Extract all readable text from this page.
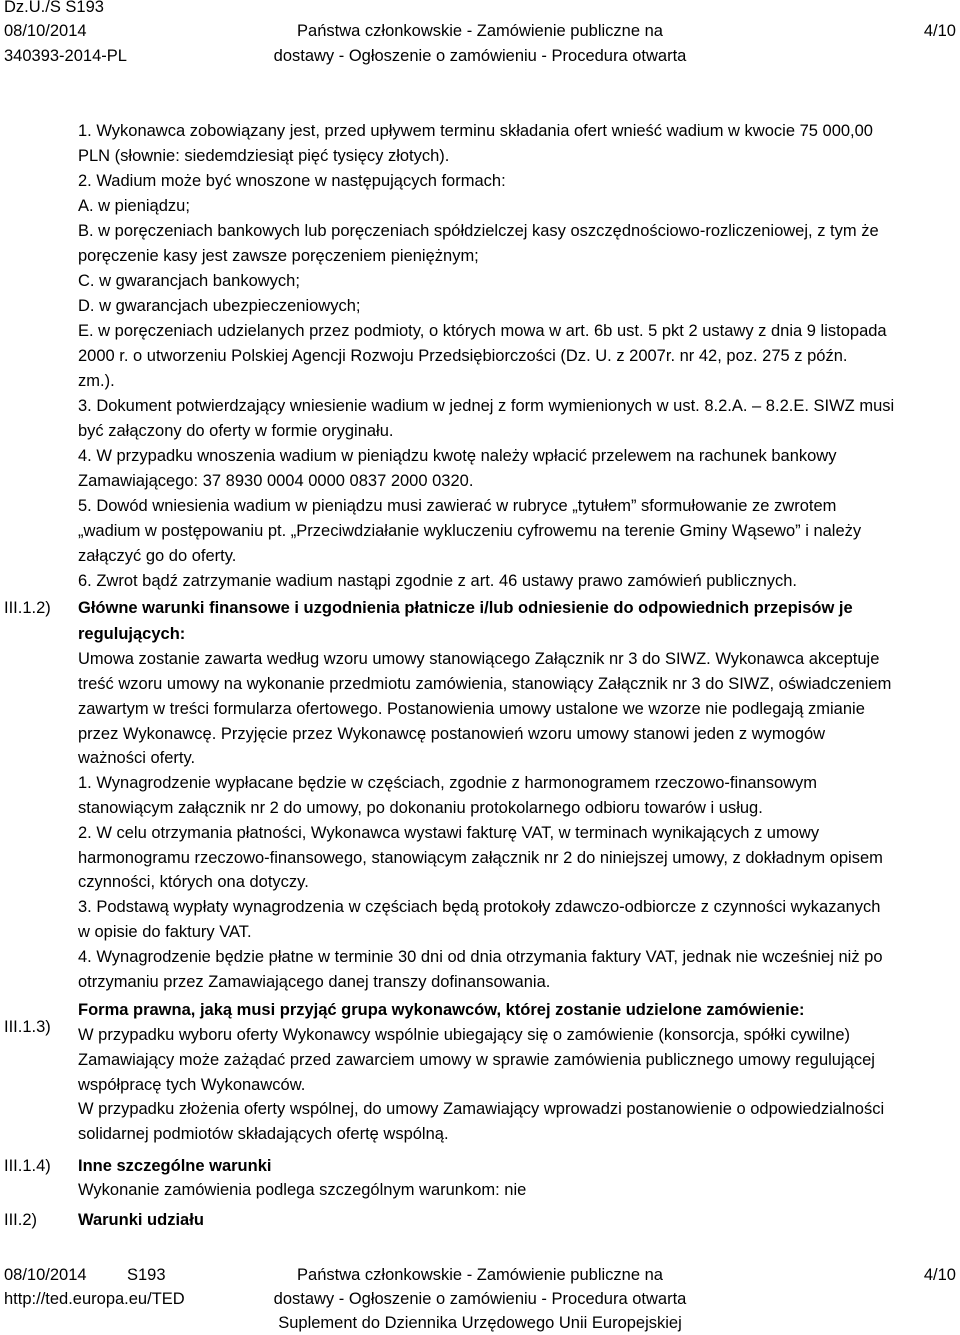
Dz.U./S S193
08/10/2014
340393-2014-PL
Państwa członkowskie - Zamówienie publiczne na
dostawy - Ogłoszenie o zamówieniu - Procedura otwarta
4/10
III.1.2)
III.1.3)
III.1.4)
III.2)
1. Wykonawca zobowiązany jest, przed upływem terminu składania ofert wnieść wadium w kwocie 75 000,00
PLN (słownie: siedemdziesiąt pięć tysięcy złotych).
2. Wadium może być wnoszone w następujących formach:
A. w pieniądzu;
B. w poręczeniach bankowych lub poręczeniach spółdzielczej kasy oszczędnościowo-rozliczeniowej, z tym że
poręczenie kasy jest zawsze poręczeniem pieniężnym;
C. w gwarancjach bankowych;
D. w gwarancjach ubezpieczeniowych;
E. w poręczeniach udzielanych przez podmioty, o których mowa w art. 6b ust. 5 pkt 2 ustawy z dnia 9 listopada
2000 r. o utworzeniu Polskiej Agencji Rozwoju Przedsiębiorczości (Dz. U. z 2007r. nr 42, poz. 275 z późn.
zm.).
3. Dokument potwierdzający wniesienie wadium w jednej z form wymienionych w ust. 8.2.A. – 8.2.E. SIWZ musi
być załączony do oferty w formie oryginału.
4. W przypadku wnoszenia wadium w pieniądzu kwotę należy wpłacić przelewem na rachunek bankowy
Zamawiającego: 37 8930 0004 0000 0837 2000 0320.
5. Dowód wniesienia wadium w pieniądzu musi zawierać w rubryce „tytułem” sformułowanie ze zwrotem
„wadium w postępowaniu pt. „Przeciwdziałanie wykluczeniu cyfrowemu na terenie Gminy Wąsewo” i należy
załączyć go do oferty.
6. Zwrot bądź zatrzymanie wadium nastąpi zgodnie z art. 46 ustawy prawo zamówień publicznych.
Główne warunki finansowe i uzgodnienia płatnicze i/lub odniesienie do odpowiednich przepisów je
regulujących:
Umowa zostanie zawarta według wzoru umowy stanowiącego Załącznik nr 3 do SIWZ. Wykonawca akceptuje
treść wzoru umowy na wykonanie przedmiotu zamówienia, stanowiący Załącznik nr 3 do SIWZ, oświadczeniem
zawartym w treści formularza ofertowego. Postanowienia umowy ustalone we wzorze nie podlegają zmianie
przez Wykonawcę. Przyjęcie przez Wykonawcę postanowień wzoru umowy stanowi jeden z wymogów
ważności oferty.
1. Wynagrodzenie wypłacane będzie w częściach, zgodnie z harmonogramem rzeczowo-finansowym
stanowiącym załącznik nr 2 do umowy, po dokonaniu protokolarnego odbioru towarów i usług.
2. W celu otrzymania płatności, Wykonawca wystawi fakturę VAT, w terminach wynikających z umowy
harmonogramu rzeczowo-finansowego, stanowiącym załącznik nr 2 do niniejszej umowy, z dokładnym opisem
czynności, których ona dotyczy.
3. Podstawą wypłaty wynagrodzenia w częściach będą protokoły zdawczo-odbiorcze z czynności wykazanych
w opisie do faktury VAT.
4. Wynagrodzenie będzie płatne w terminie 30 dni od dnia otrzymania faktury VAT, jednak nie wcześniej niż po
otrzymaniu przez Zamawiającego danej transzy dofinansowania.
Forma prawna, jaką musi przyjąć grupa wykonawców, której zostanie udzielone zamówienie:
W przypadku wyboru oferty Wykonawcy wspólnie ubiegający się o zamówienie (konsorcja, spółki cywilne)
Zamawiający może zażądać przed zawarciem umowy w sprawie zamówienia publicznego umowy regulującej
współpracę tych Wykonawców.
W przypadku złożenia oferty wspólnej, do umowy Zamawiający wprowadzi postanowienie o odpowiedzialności
solidarnej podmiotów składających ofertę wspólną.
Inne szczególne warunki
Wykonanie zamówienia podlega szczególnym warunkom: nie
Warunki udziału
08/10/2014 S193
http://ted.europa.eu/TED
Państwa członkowskie - Zamówienie publiczne na
dostawy - Ogłoszenie o zamówieniu - Procedura otwarta
Suplement do Dziennika Urzędowego Unii Europejskiej
4/10
